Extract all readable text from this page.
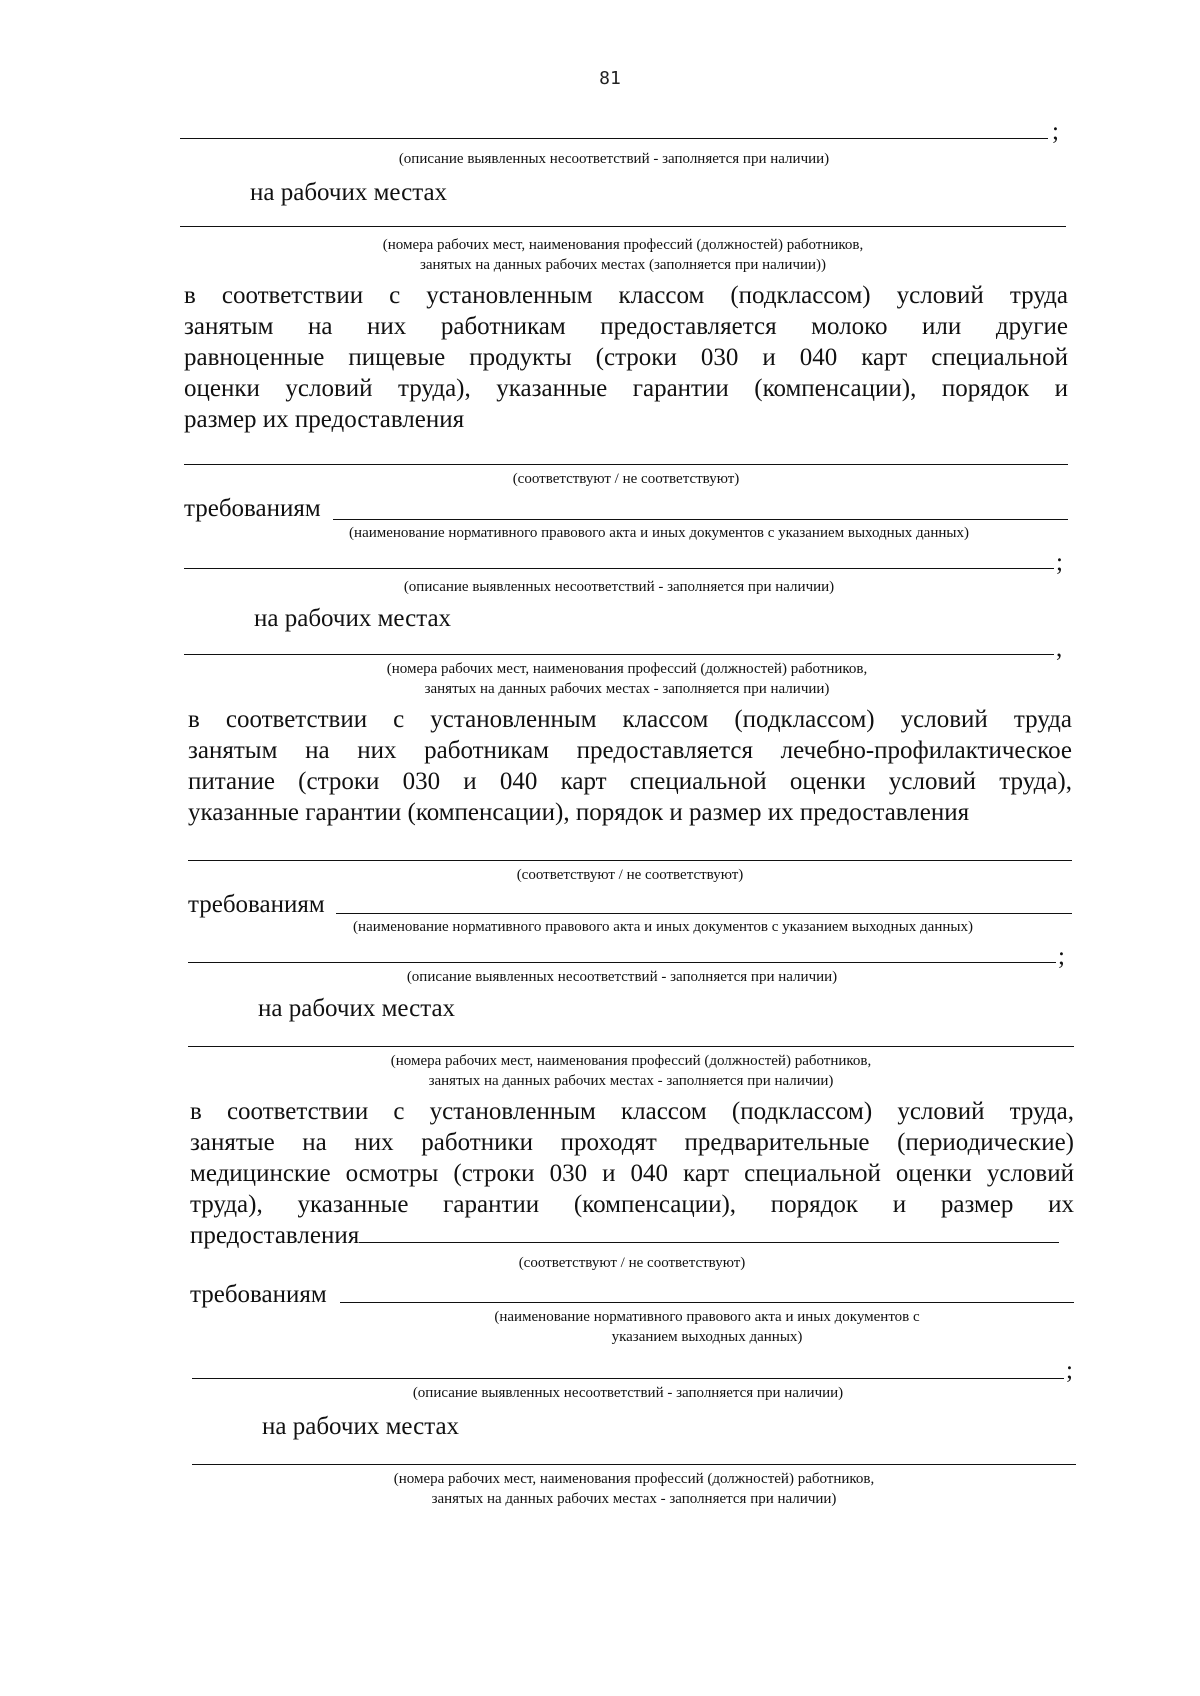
81
;
(описание выявленных несоответствий - заполняется при наличии)
на рабочих местах
(номера рабочих мест, наименования профессий (должностей) работников,
занятых на данных рабочих местах (заполняется при наличии))
в соответствии с установленным классом (подклассом) условий труда
занятым на них работникам предоставляется молоко или другие
равноценные пищевые продукты (строки 030 и 040 карт специальной
оценки условий труда), указанные гарантии (компенсации), порядок и
размер их предоставления
(соответствуют / не соответствуют)
требованиям
(наименование нормативного правового акта и иных документов с указанием выходных данных)
;
(описание выявленных несоответствий - заполняется при наличии)
на рабочих местах
,
(номера рабочих мест, наименования профессий (должностей) работников,
занятых на данных рабочих местах - заполняется при наличии)
в соответствии с установленным классом (подклассом) условий труда
занятым на них работникам предоставляется лечебно-профилактическое
питание (строки 030 и 040 карт специальной оценки условий труда),
указанные гарантии (компенсации), порядок и размер их предоставления
(соответствуют / не соответствуют)
требованиям
(наименование нормативного правового акта и иных документов с указанием выходных данных)
;
(описание выявленных несоответствий - заполняется при наличии)
на рабочих местах
(номера рабочих мест, наименования профессий (должностей) работников,
занятых на данных рабочих местах - заполняется при наличии)
в соответствии с установленным классом (подклассом) условий труда,
занятые на них работники проходят предварительные (периодические)
медицинские осмотры (строки 030 и 040 карт специальной оценки условий
труда), указанные гарантии (компенсации), порядок и размер их
предоставления
(соответствуют / не соответствуют)
требованиям
(наименование нормативного правового акта и иных документов с
указанием выходных данных)
;
(описание выявленных несоответствий - заполняется при наличии)
на рабочих местах
(номера рабочих мест, наименования профессий (должностей) работников,
занятых на данных рабочих местах - заполняется при наличии)
